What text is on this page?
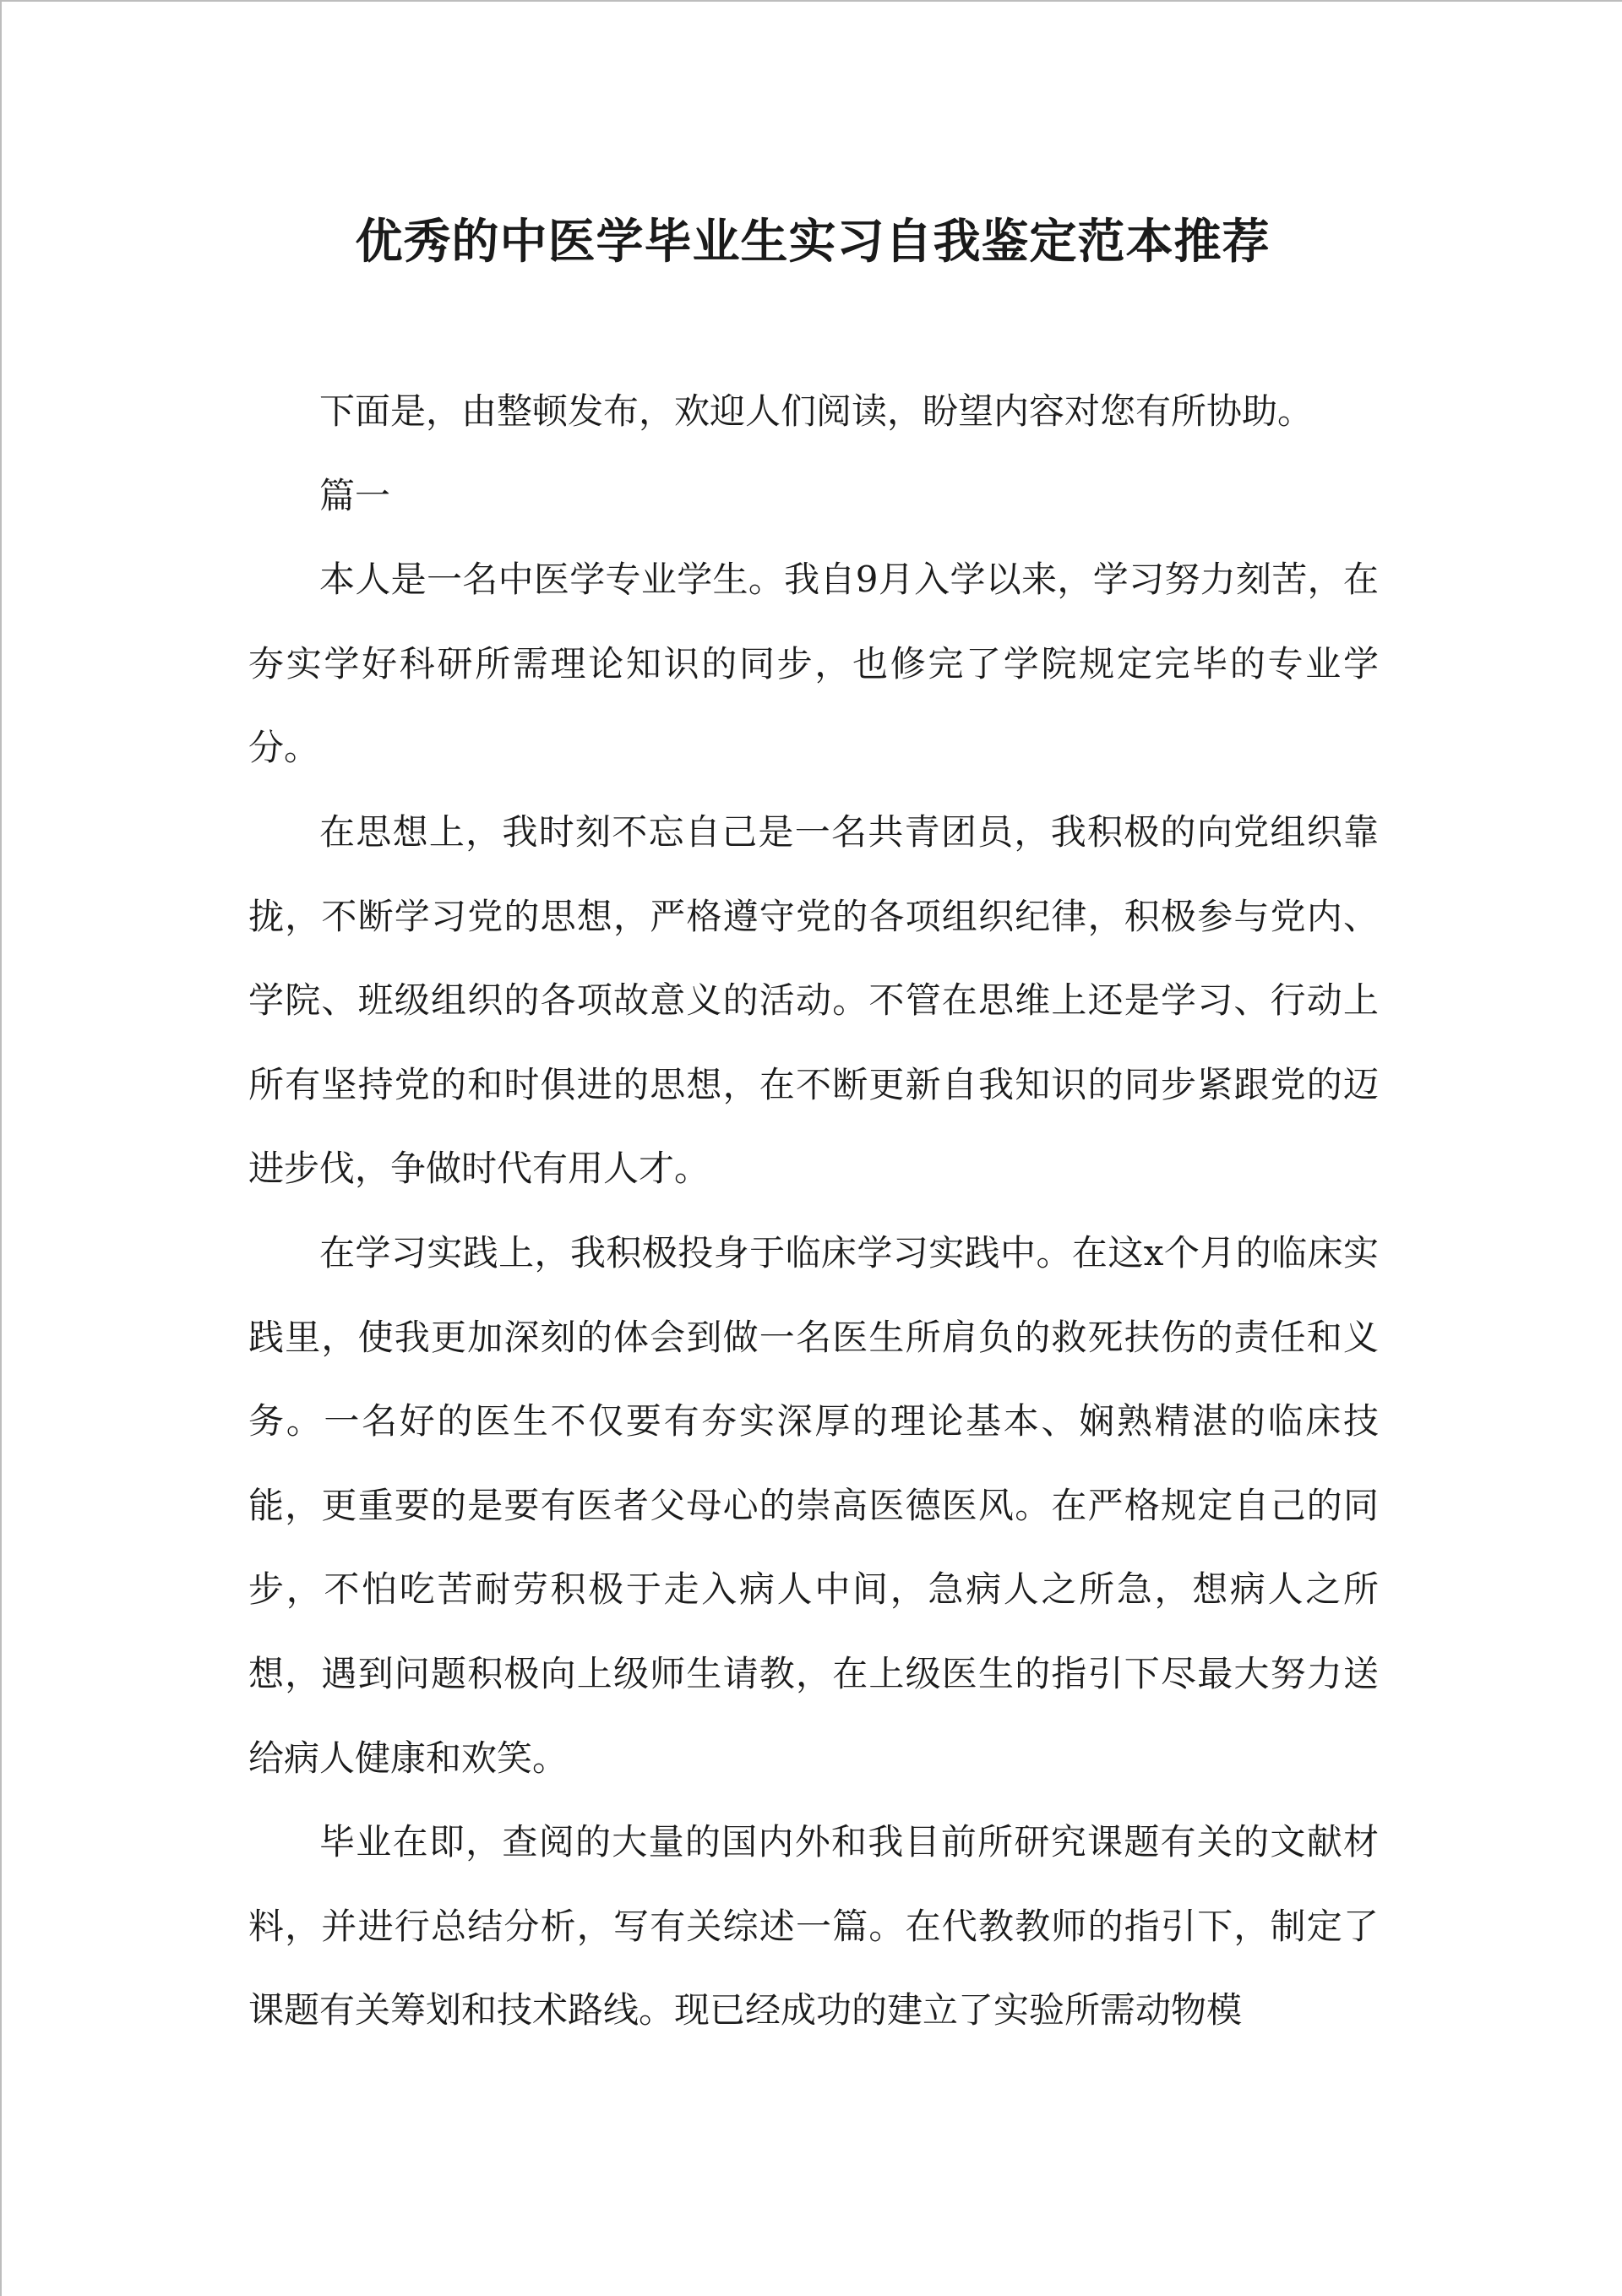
优秀的中医学毕业生实习自我鉴定范本推荐

下面是，由整顿发布，欢迎人们阅读，盼望内容对您有所协助。

篇一

本人是一名中医学专业学生。我自9月入学以来，学习努力刻苦，在夯实学好科研所需理论知识的同步，也修完了学院规定完毕的专业学分。

在思想上，我时刻不忘自己是一名共青团员，我积极的向党组织靠拢，不断学习党的思想，严格遵守党的各项组织纪律，积极参与党内、学院、班级组织的各项故意义的活动。不管在思维上还是学习、行动上所有坚持党的和时俱进的思想，在不断更新自我知识的同步紧跟党的迈进步伐，争做时代有用人才。

在学习实践上，我积极投身于临床学习实践中。在这x个月的临床实践里，使我更加深刻的体会到做一名医生所肩负的救死扶伤的责任和义务。一名好的医生不仅要有夯实深厚的理论基本、娴熟精湛的临床技能，更重要的是要有医者父母心的崇高医德医风。在严格规定自己的同步，不怕吃苦耐劳积极于走入病人中间，急病人之所急，想病人之所想，遇到问题积极向上级师生请教，在上级医生的指引下尽最大努力送给病人健康和欢笑。

毕业在即，查阅的大量的国内外和我目前所研究课题有关的文献材料，并进行总结分析，写有关综述一篇。在代教教师的指引下，制定了课题有关筹划和技术路线。现已经成功的建立了实验所需动物模
